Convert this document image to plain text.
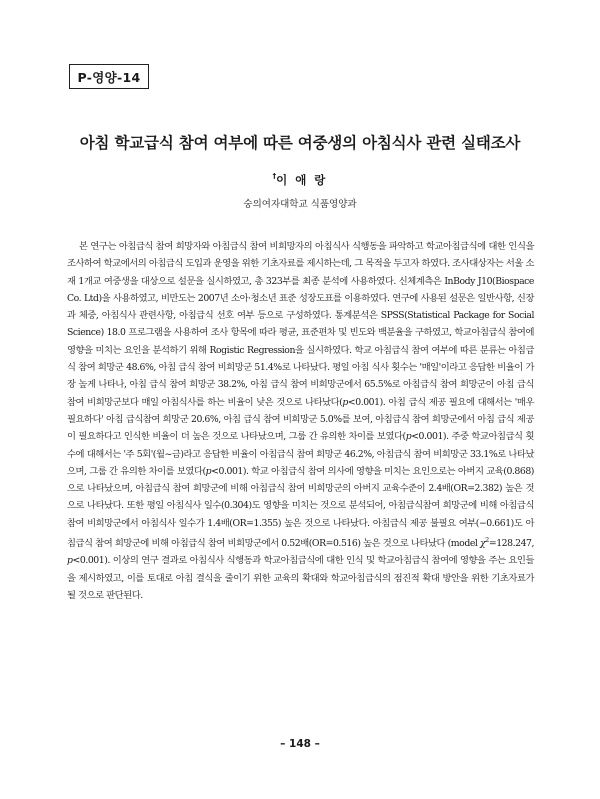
P-영양-14
아침 학교급식 참여 여부에 따른 여중생의 아침식사 관련 실태조사
†이 애 랑
숭의여자대학교 식품영양과

본 연구는 아침급식 참여 희망자와 아침급식 참여 비희망자의 아침식사 식행동을 파악하고 학교아침급식에 대한 인식을 조사하여 학교에서의 아침급식 도입과 운영을 위한 기초자료를 제시하는데, 그 목적을 두고자 하였다. 조사대상자는 서울 소재 1개교 여중생을 대상으로 설문을 실시하였고, 총 323부를 최종 분석에 사용하였다. 신체계측은 InBody J10(Biospace Co. Ltd)을 사용하였고, 비만도는 2007년 소아·청소년 표준 성장도표를 이용하였다. 연구에 사용된 설문은 일반사항, 신장과 체중, 아침식사 관련사항, 아침급식 선호 여부 등으로 구성하였다. 통계분석은 SPSS(Statistical Package for Social Science) 18.0 프로그램을 사용하여 조사 항목에 따라 평균, 표준편차 및 빈도와 백분율을 구하였고, 학교아침급식 참여에 영향을 미치는 요인을 분석하기 위해 Rogistic Regression을 실시하였다. 학교 아침급식 참여 여부에 따른 분류는 아침급식 참여 희망군 48.6%, 아침 급식 참여 비희망군 51.4%로 나타났다. 평일 아침 식사 횟수는 '매일'이라고 응답한 비율이 가장 높게 나타나, 아침 급식 참여 희망군 38.2%, 아침 급식 참여 비희망군에서 65.5%로 아침급식 참여 희망군이 아침 급식 참여 비희망군보다 매일 아침식사를 하는 비율이 낮은 것으로 나타났다(p<0.001). 아침 급식 제공 필요에 대해서는 '매우 필요하다' 아침 급식참여 희망군 20.6%, 아침 급식 참여 비희망군 5.0%를 보여, 아침급식 참여 희망군에서 아침 급식 제공이 필요하다고 인식한 비율이 더 높은 것으로 나타났으며, 그룹 간 유의한 차이를 보였다(p<0.001). 주중 학교아침급식 횟수에 대해서는 '주 5회'(월~금)라고 응답한 비율이 아침급식 참여 희망군 46.2%, 아침급식 참여 비희망군 33.1%로 나타났으며, 그룹 간 유의한 차이를 보였다(p<0.001). 학교 아침급식 참여 의사에 영향을 미치는 요인으로는 아버지 교육(0.868)으로 나타났으며, 아침급식 참여 희망군에 비해 아침급식 참여 비희망군의 아버지 교육수준이 2.4배(OR=2.382) 높은 것으로 나타났다. 또한 평일 아침식사 일수(0.304)도 영향을 미치는 것으로 분석되어, 아침급식참여 희망군에 비해 아침급식 참여 비희망군에서 아침식사 일수가 1.4배(OR=1.355) 높은 것으로 나타났다. 아침급식 제공 불필요 여부(−0.661)도 아침급식 참여 희망군에 비해 아침급식 참여 비희망군에서 0.52배(OR=0.516) 높은 것으로 나타났다 (model $\chi^2=128.247$, p<0.001). 이상의 연구 결과로 아침식사 식행동과 학교아침급식에 대한 인식 및 학교아침급식 참여에 영향을 주는 요인들을 제시하였고, 이를 토대로 아침 결식을 줄이기 위한 교육의 확대와 학교아침급식의 점진적 확대 방안을 위한 기초자료가 될 것으로 판단된다.

– 148 –
